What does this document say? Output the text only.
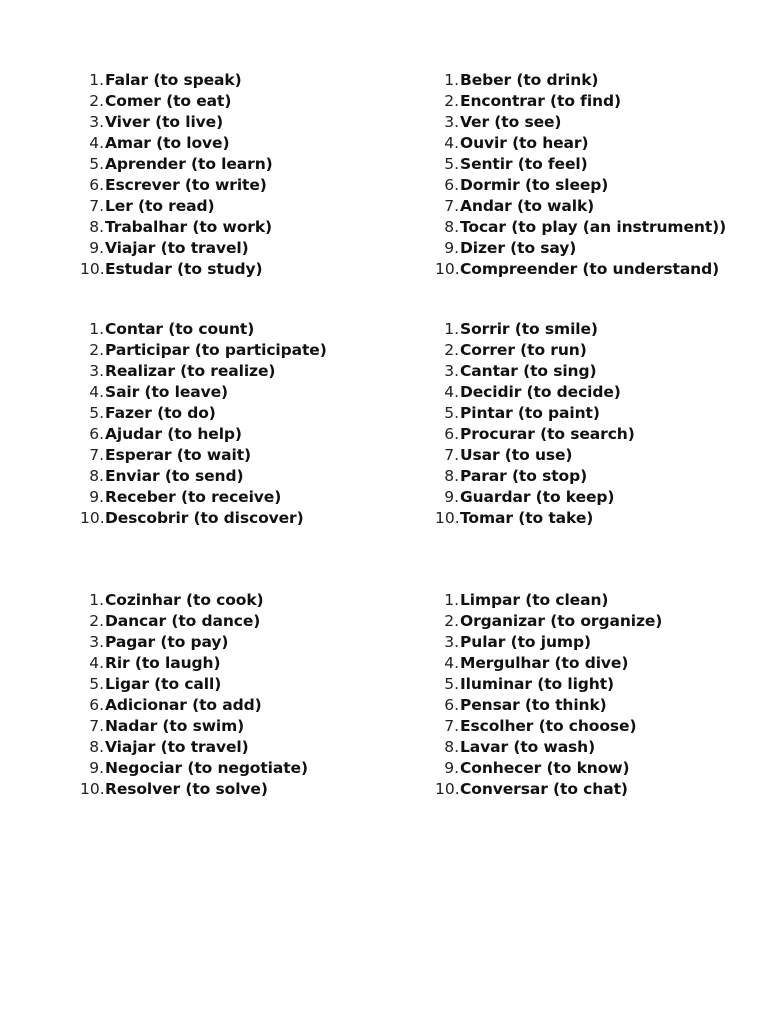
1. Falar (to speak)
2. Comer (to eat)
3. Viver (to live)
4. Amar (to love)
5. Aprender (to learn)
6. Escrever (to write)
7. Ler (to read)
8. Trabalhar (to work)
9. Viajar (to travel)
10. Estudar (to study)
1. Beber (to drink)
2. Encontrar (to find)
3. Ver (to see)
4. Ouvir (to hear)
5. Sentir (to feel)
6. Dormir (to sleep)
7. Andar (to walk)
8. Tocar (to play (an instrument))
9. Dizer (to say)
10. Compreender (to understand)
1. Contar (to count)
2. Participar (to participate)
3. Realizar (to realize)
4. Sair (to leave)
5. Fazer (to do)
6. Ajudar (to help)
7. Esperar (to wait)
8. Enviar (to send)
9. Receber (to receive)
10. Descobrir (to discover)
1. Sorrir (to smile)
2. Correr (to run)
3. Cantar (to sing)
4. Decidir (to decide)
5. Pintar (to paint)
6. Procurar (to search)
7. Usar (to use)
8. Parar (to stop)
9. Guardar (to keep)
10. Tomar (to take)
1. Cozinhar (to cook)
2. Dancar (to dance)
3. Pagar (to pay)
4. Rir (to laugh)
5. Ligar (to call)
6. Adicionar (to add)
7. Nadar (to swim)
8. Viajar (to travel)
9. Negociar (to negotiate)
10. Resolver (to solve)
1. Limpar (to clean)
2. Organizar (to organize)
3. Pular (to jump)
4. Mergulhar (to dive)
5. Iluminar (to light)
6. Pensar (to think)
7. Escolher (to choose)
8. Lavar (to wash)
9. Conhecer (to know)
10. Conversar (to chat)
